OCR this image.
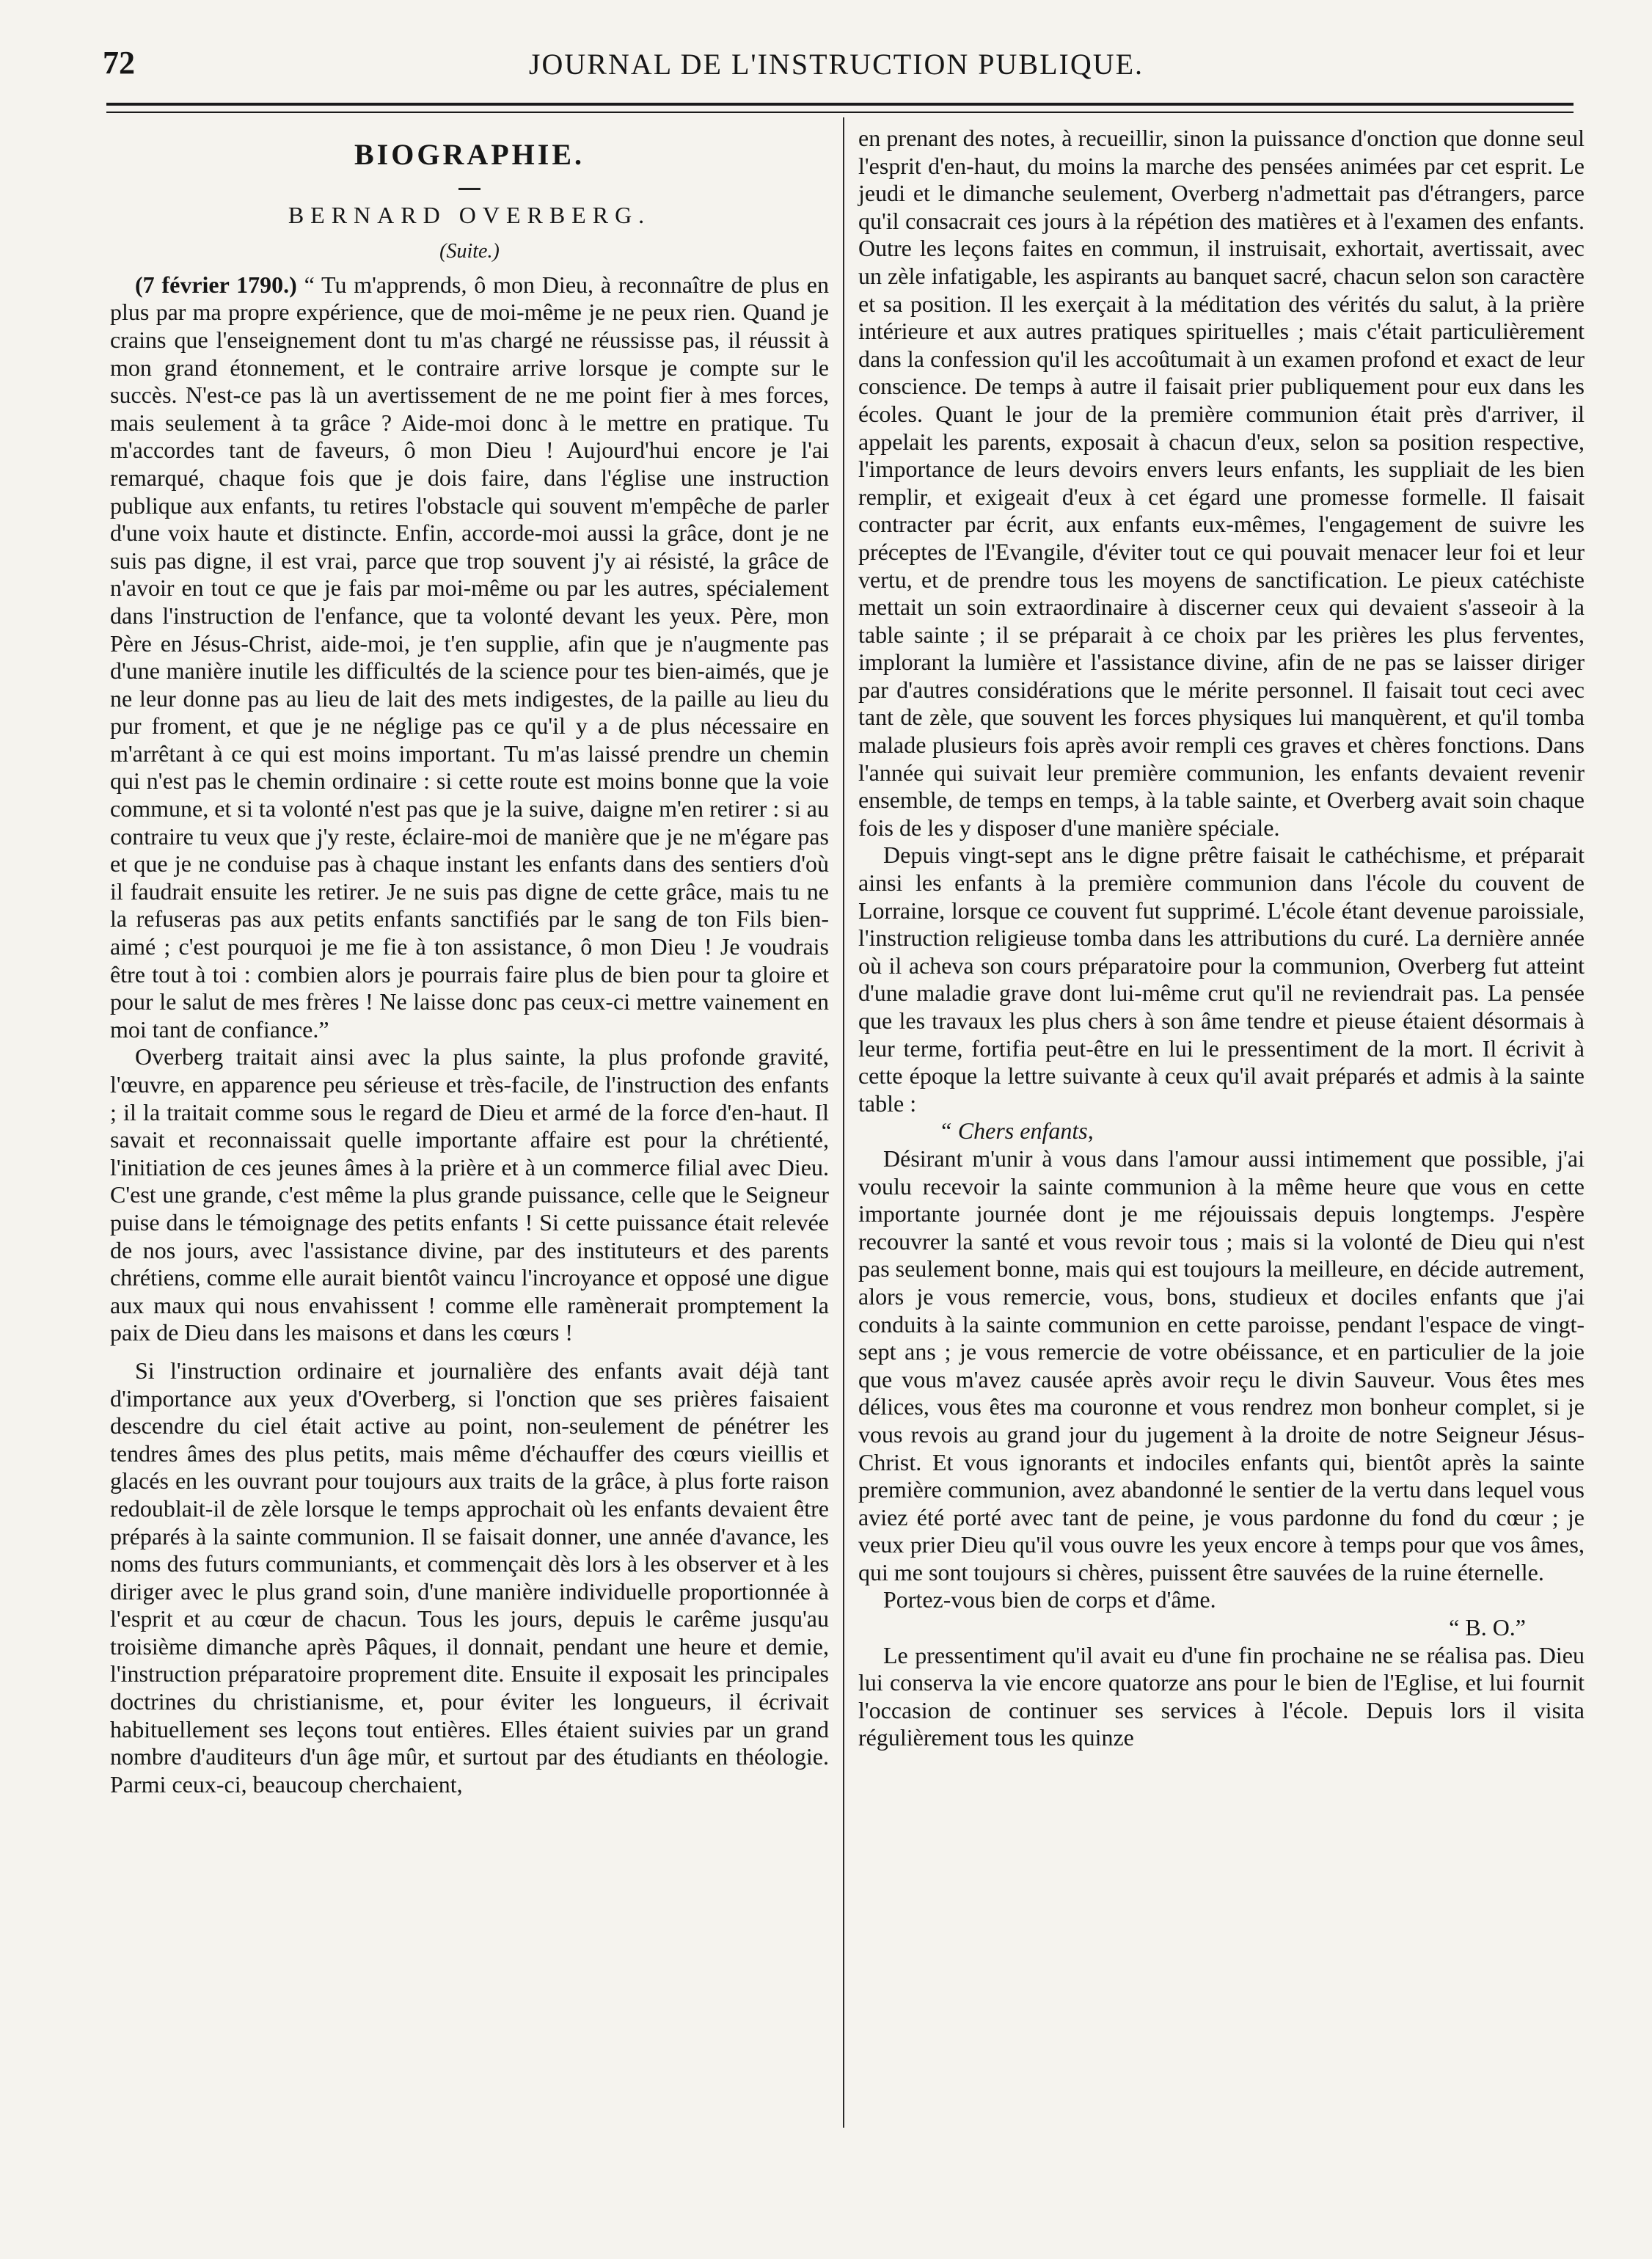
72	JOURNAL DE L'INSTRUCTION PUBLIQUE.
BIOGRAPHIE.
BERNARD OVERBERG.
(Suite.)

(7 février 1790.) “ Tu m'apprends, ô mon Dieu, à reconnaître de plus en plus par ma propre expérience, que de moi-même je ne peux rien. Quand je crains que l'enseignement dont tu m'as chargé ne réussisse pas, il réussit à mon grand étonnement, et le contraire arrive lorsque je compte sur le succès. N'est-ce pas là un avertissement de ne me point fier à mes forces, mais seulement à ta grâce ? Aide-moi donc à le mettre en pratique. Tu m'accordes tant de faveurs, ô mon Dieu ! Aujourd'hui encore je l'ai remarqué, chaque fois que je dois faire, dans l'église une instruction publique aux enfants, tu retires l'obstacle qui souvent m'empêche de parler d'une voix haute et distincte. Enfin, accorde-moi aussi la grâce, dont je ne suis pas digne, il est vrai, parce que trop souvent j'y ai résisté, la grâce de n'avoir en tout ce que je fais par moi-même ou par les autres, spécialement dans l'instruction de l'enfance, que ta volonté devant les yeux. Père, mon Père en Jésus-Christ, aide-moi, je t'en supplie, afin que je n'augmente pas d'une manière inutile les difficultés de la science pour tes bien-aimés, que je ne leur donne pas au lieu de lait des mets indigestes, de la paille au lieu du pur froment, et que je ne néglige pas ce qu'il y a de plus nécessaire en m'arrêtant à ce qui est moins important. Tu m'as laissé prendre un chemin qui n'est pas le chemin ordinaire : si cette route est moins bonne que la voie commune, et si ta volonté n'est pas que je la suive, daigne m'en retirer : si au contraire tu veux que j'y reste, éclaire-moi de manière que je ne m'égare pas et que je ne conduise pas à chaque instant les enfants dans des sentiers d'où il faudrait ensuite les retirer. Je ne suis pas digne de cette grâce, mais tu ne la refuseras pas aux petits enfants sanctifiés par le sang de ton Fils bien-aimé ; c'est pourquoi je me fie à ton assistance, ô mon Dieu ! Je voudrais être tout à toi : combien alors je pourrais faire plus de bien pour ta gloire et pour le salut de mes frères ! Ne laisse donc pas ceux-ci mettre vainement en moi tant de confiance.”

Overberg traitait ainsi avec la plus sainte, la plus profonde gravité, l'œuvre, en apparence peu sérieuse et très-facile, de l'instruction des enfants ; il la traitait comme sous le regard de Dieu et armé de la force d'en-haut. Il savait et reconnaissait quelle importante affaire est pour la chrétienté, l'initiation de ces jeunes âmes à la prière et à un commerce filial avec Dieu. C'est une grande, c'est même la plus grande puissance, celle que le Seigneur puise dans le témoignage des petits enfants ! Si cette puissance était relevée de nos jours, avec l'assistance divine, par des instituteurs et des parents chrétiens, comme elle aurait bientôt vaincu l'incroyance et opposé une digue aux maux qui nous envahissent ! comme elle ramènerait promptement la paix de Dieu dans les maisons et dans les cœurs !

Si l'instruction ordinaire et journalière des enfants avait déjà tant d'importance aux yeux d'Overberg, si l'onction que ses prières faisaient descendre du ciel était active au point, non-seulement de pénétrer les tendres âmes des plus petits, mais même d'échauffer des cœurs vieillis et glacés en les ouvrant pour toujours aux traits de la grâce, à plus forte raison redoublait-il de zèle lorsque le temps approchait où les enfants devaient être préparés à la sainte communion. Il se faisait donner, une année d'avance, les noms des futurs communiants, et commençait dès lors à les observer et à les diriger avec le plus grand soin, d'une manière individuelle proportionnée à l'esprit et au cœur de chacun. Tous les jours, depuis le carême jusqu'au troisième dimanche après Pâques, il donnait, pendant une heure et demie, l'instruction préparatoire proprement dite. Ensuite il exposait les principales doctrines du christianisme, et, pour éviter les longueurs, il écrivait habituellement ses leçons tout entières. Elles étaient suivies par un grand nombre d'auditeurs d'un âge mûr, et surtout par des étudiants en théologie. Parmi ceux-ci, beaucoup cherchaient,

en prenant des notes, à recueillir, sinon la puissance d'onction que donne seul l'esprit d'en-haut, du moins la marche des pensées animées par cet esprit. Le jeudi et le dimanche seulement, Overberg n'admettait pas d'étrangers, parce qu'il consacrait ces jours à la répétion des matières et à l'examen des enfants. Outre les leçons faites en commun, il instruisait, exhortait, avertissait, avec un zèle infatigable, les aspirants au banquet sacré, chacun selon son caractère et sa position. Il les exerçait à la méditation des vérités du salut, à la prière intérieure et aux autres pratiques spirituelles ; mais c'était particulièrement dans la confession qu'il les accoûtumait à un examen profond et exact de leur conscience. De temps à autre il faisait prier publiquement pour eux dans les écoles. Quant le jour de la première communion était près d'arriver, il appelait les parents, exposait à chacun d'eux, selon sa position respective, l'importance de leurs devoirs envers leurs enfants, les suppliait de les bien remplir, et exigeait d'eux à cet égard une promesse formelle. Il faisait contracter par écrit, aux enfants eux-mêmes, l'engagement de suivre les préceptes de l'Evangile, d'éviter tout ce qui pouvait menacer leur foi et leur vertu, et de prendre tous les moyens de sanctification. Le pieux catéchiste mettait un soin extraordinaire à discerner ceux qui devaient s'asseoir à la table sainte ; il se préparait à ce choix par les prières les plus ferventes, implorant la lumière et l'assistance divine, afin de ne pas se laisser diriger par d'autres considérations que le mérite personnel. Il faisait tout ceci avec tant de zèle, que souvent les forces physiques lui manquèrent, et qu'il tomba malade plusieurs fois après avoir rempli ces graves et chères fonctions. Dans l'année qui suivait leur première communion, les enfants devaient revenir ensemble, de temps en temps, à la table sainte, et Overberg avait soin chaque fois de les y disposer d'une manière spéciale.

Depuis vingt-sept ans le digne prêtre faisait le cathéchisme, et préparait ainsi les enfants à la première communion dans l'école du couvent de Lorraine, lorsque ce couvent fut supprimé. L'école étant devenue paroissiale, l'instruction religieuse tomba dans les attributions du curé. La dernière année où il acheva son cours préparatoire pour la communion, Overberg fut atteint d'une maladie grave dont lui-même crut qu'il ne reviendrait pas. La pensée que les travaux les plus chers à son âme tendre et pieuse étaient désormais à leur terme, fortifia peut-être en lui le pressentiment de la mort. Il écrivit à cette époque la lettre suivante à ceux qu'il avait préparés et admis à la sainte table :

“ Chers enfants,

Désirant m'unir à vous dans l'amour aussi intimement que possible, j'ai voulu recevoir la sainte communion à la même heure que vous en cette importante journée dont je me réjouissais depuis longtemps. J'espère recouvrer la santé et vous revoir tous ; mais si la volonté de Dieu qui n'est pas seulement bonne, mais qui est toujours la meilleure, en décide autrement, alors je vous remercie, vous, bons, studieux et dociles enfants que j'ai conduits à la sainte communion en cette paroisse, pendant l'espace de vingt-sept ans ; je vous remercie de votre obéissance, et en particulier de la joie que vous m'avez causée après avoir reçu le divin Sauveur. Vous êtes mes délices, vous êtes ma couronne et vous rendrez mon bonheur complet, si je vous revois au grand jour du jugement à la droite de notre Seigneur Jésus-Christ. Et vous ignorants et indociles enfants qui, bientôt après la sainte première communion, avez abandonné le sentier de la vertu dans lequel vous aviez été porté avec tant de peine, je vous pardonne du fond du cœur ; je veux prier Dieu qu'il vous ouvre les yeux encore à temps pour que vos âmes, qui me sont toujours si chères, puissent être sauvées de la ruine éternelle.

Portez-vous bien de corps et d'âme.

“ B. O.”

Le pressentiment qu'il avait eu d'une fin prochaine ne se réalisa pas. Dieu lui conserva la vie encore quatorze ans pour le bien de l'Eglise, et lui fournit l'occasion de continuer ses services à l'école. Depuis lors il visita régulièrement tous les quinze
